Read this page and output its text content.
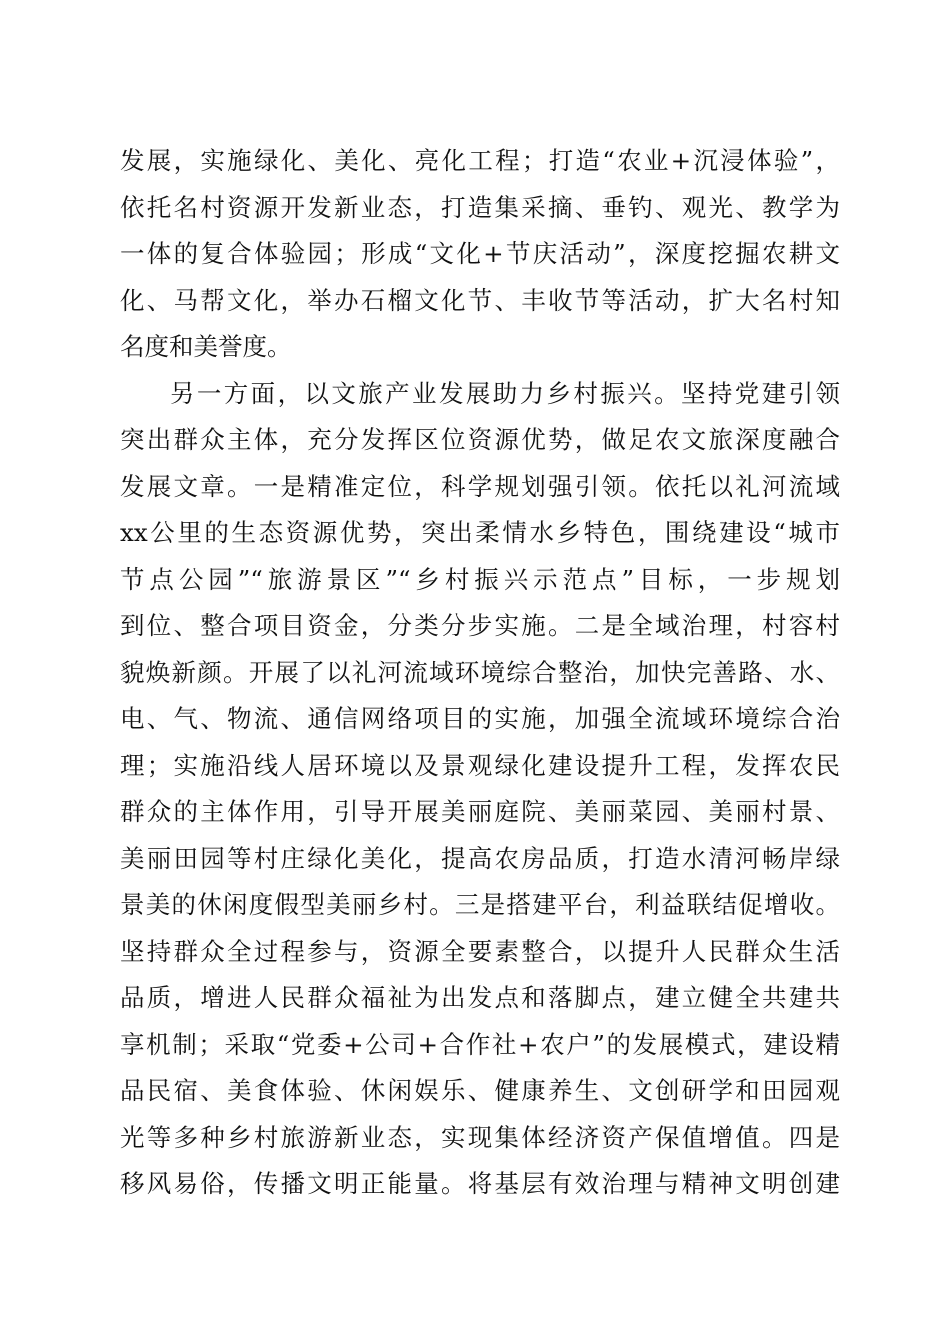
发展，实施绿化、美化、亮化工程；打造“农业+沉浸体验”，
依托名村资源开发新业态，打造集采摘、垂钓、观光、教学为
一体的复合体验园；形成“文化+节庆活动”，深度挖掘农耕文
化、马帮文化，举办石榴文化节、丰收节等活动，扩大名村知
名度和美誉度。
另一方面，以文旅产业发展助力乡村振兴。坚持党建引领
突出群众主体，充分发挥区位资源优势，做足农文旅深度融合
发展文章。一是精准定位，科学规划强引领。依托以礼河流域
xx公里的生态资源优势，突出柔情水乡特色，围绕建设“城市
节点公园”“旅游景区”“乡村振兴示范点”目标，一步规划
到位、整合项目资金，分类分步实施。二是全域治理，村容村
貌焕新颜。开展了以礼河流域环境综合整治，加快完善路、水、
电、气、物流、通信网络项目的实施，加强全流域环境综合治
理；实施沿线人居环境以及景观绿化建设提升工程，发挥农民
群众的主体作用，引导开展美丽庭院、美丽菜园、美丽村景、
美丽田园等村庄绿化美化，提高农房品质，打造水清河畅岸绿
景美的休闲度假型美丽乡村。三是搭建平台，利益联结促增收。
坚持群众全过程参与，资源全要素整合，以提升人民群众生活
品质，增进人民群众福祉为出发点和落脚点，建立健全共建共
享机制；采取“党委+公司+合作社+农户”的发展模式，建设精
品民宿、美食体验、休闲娱乐、健康养生、文创研学和田园观
光等多种乡村旅游新业态，实现集体经济资产保值增值。四是
移风易俗，传播文明正能量。将基层有效治理与精神文明创建
